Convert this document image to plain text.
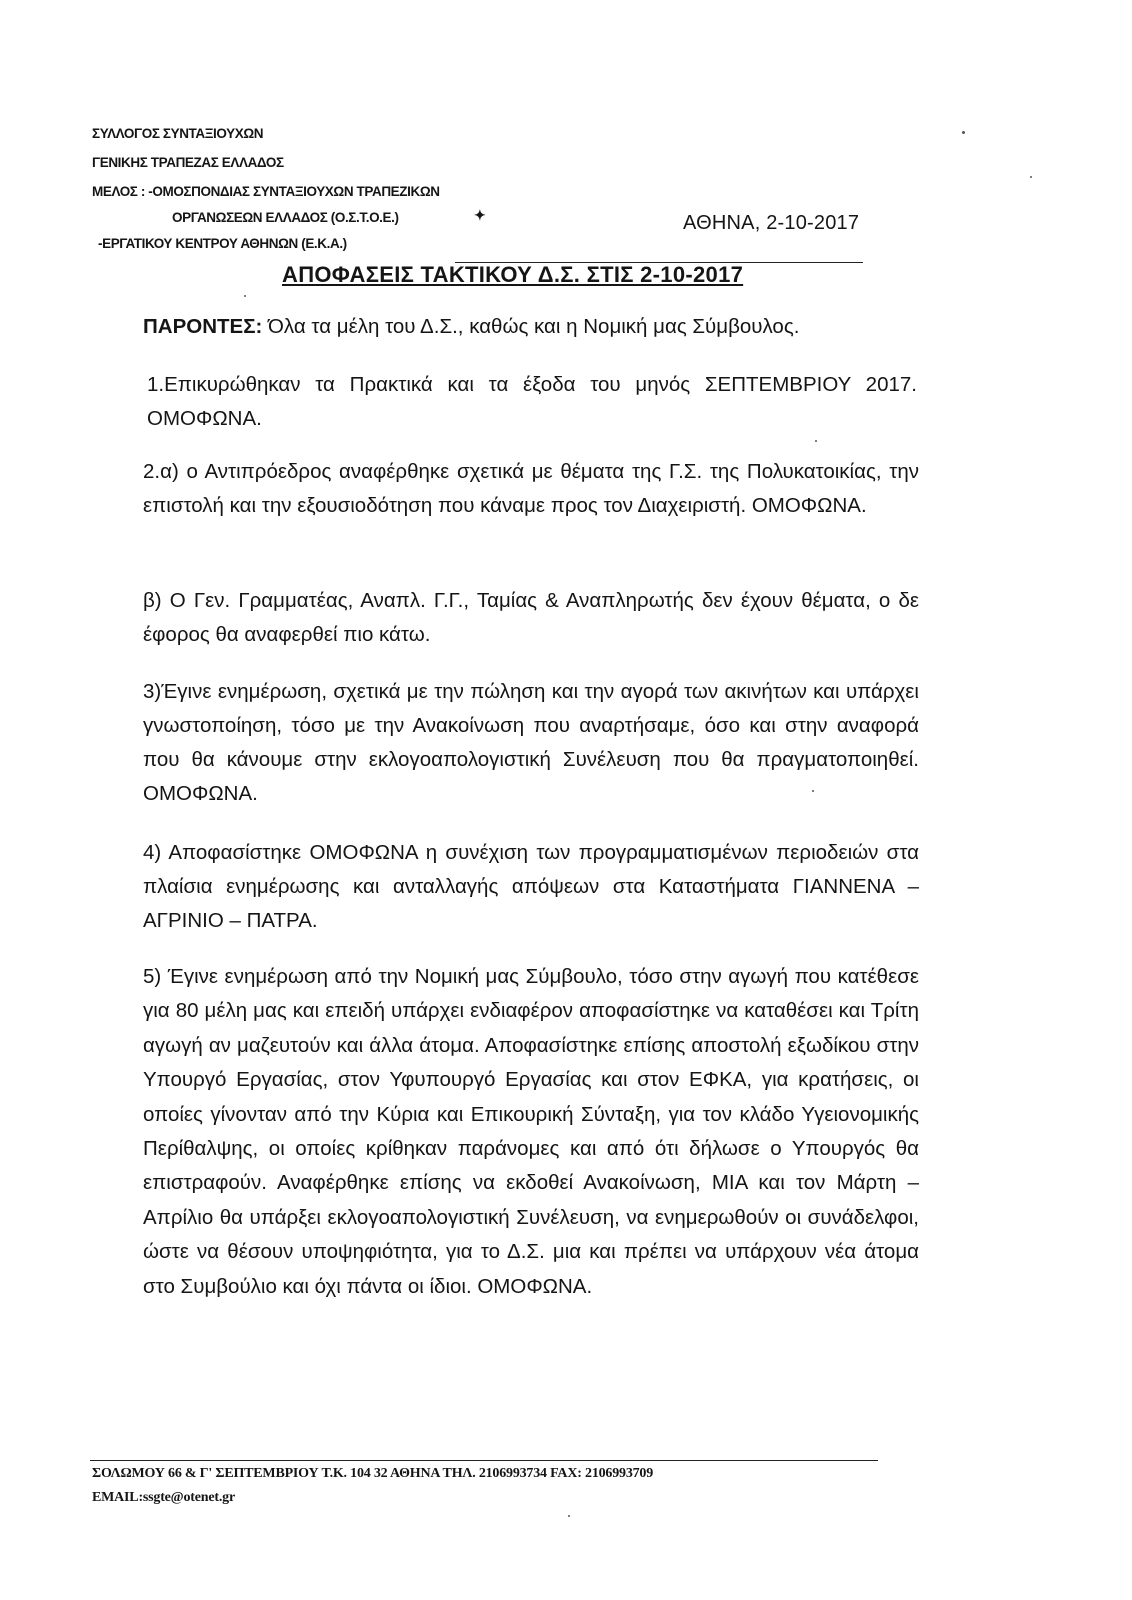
ΣΥΛΛΟΓΟΣ ΣΥΝΤΑΞΙΟΥΧΩΝ
ΓΕΝΙΚΗΣ ΤΡΑΠΕΖΑΣ ΕΛΛΑΔΟΣ
ΜΕΛΟΣ : -ΟΜΟΣΠΟΝΔΙΑΣ ΣΥΝΤΑΞΙΟΥΧΩΝ ΤΡΑΠΕΖΙΚΩΝ
ΟΡΓΑΝΩΣΕΩΝ ΕΛΛΑΔΟΣ (Ο.Σ.Τ.Ο.Ε.)	✦
-ΕΡΓΑΤΙΚΟΥ ΚΕΝΤΡΟΥ ΑΘΗΝΩΝ (Ε.Κ.Α.)
ΑΘΗΝΑ, 2-10-2017
ΑΠΟΦΑΣΕΙΣ ΤΑΚΤΙΚΟΥ Δ.Σ. ΣΤΙΣ 2-10-2017
ΠΑΡΟΝΤΕΣ: Όλα τα μέλη του Δ.Σ., καθώς και η Νομική μας Σύμβουλος.
1.Επικυρώθηκαν τα Πρακτικά και τα έξοδα του μηνός ΣΕΠΤΕΜΒΡΙΟΥ 2017. ΟΜΟΦΩΝΑ.
2.α) ο Αντιπρόεδρος αναφέρθηκε σχετικά με θέματα της Γ.Σ. της Πολυκατοικίας, την επιστολή και την εξουσιοδότηση που κάναμε προς τον Διαχειριστή. ΟΜΟΦΩΝΑ.
β) Ο Γεν. Γραμματέας, Αναπλ. Γ.Γ., Ταμίας & Αναπληρωτής δεν έχουν θέματα, ο δε έφορος θα αναφερθεί πιο κάτω.
3)Έγινε ενημέρωση, σχετικά με την πώληση και την αγορά των ακινήτων και υπάρχει γνωστοποίηση, τόσο με την Ανακοίνωση που αναρτήσαμε, όσο και στην αναφορά που θα κάνουμε στην εκλογοαπολογιστική Συνέλευση που θα πραγματοποιηθεί. ΟΜΟΦΩΝΑ.
4) Αποφασίστηκε ΟΜΟΦΩΝΑ η συνέχιση των προγραμματισμένων περιοδειών στα πλαίσια ενημέρωσης και ανταλλαγής απόψεων στα Καταστήματα ΓΙΑΝΝΕΝΑ – ΑΓΡΙΝΙΟ – ΠΑΤΡΑ.
5) Έγινε ενημέρωση από την Νομική μας Σύμβουλο, τόσο στην αγωγή που κατέθεσε για 80 μέλη μας και επειδή υπάρχει ενδιαφέρον αποφασίστηκε να καταθέσει και Τρίτη αγωγή αν μαζευτούν και άλλα άτομα. Αποφασίστηκε επίσης αποστολή εξωδίκου στην Υπουργό Εργασίας, στον Υφυπουργό Εργασίας και στον ΕΦΚΑ, για κρατήσεις, οι οποίες γίνονταν από την Κύρια και Επικουρική Σύνταξη, για τον κλάδο Υγειονομικής Περίθαλψης, οι οποίες κρίθηκαν παράνομες και από ότι δήλωσε ο Υπουργός θα επιστραφούν. Αναφέρθηκε επίσης να εκδοθεί Ανακοίνωση, ΜΙΑ και τον Μάρτη – Απρίλιο θα υπάρξει εκλογοαπολογιστική Συνέλευση, να ενημερωθούν οι συνάδελφοι, ώστε να θέσουν υποψηφιότητα, για το Δ.Σ. μια και πρέπει να υπάρχουν νέα άτομα στο Συμβούλιο και όχι πάντα οι ίδιοι. ΟΜΟΦΩΝΑ.
ΣΟΛΩΜΟΥ 66 & Γ' ΣΕΠΤΕΜΒΡΙΟΥ Τ.Κ. 104 32 ΑΘΗΝΑ ΤΗΛ. 2106993734 FAX: 2106993709
EMAIL:ssgte@otenet.gr
